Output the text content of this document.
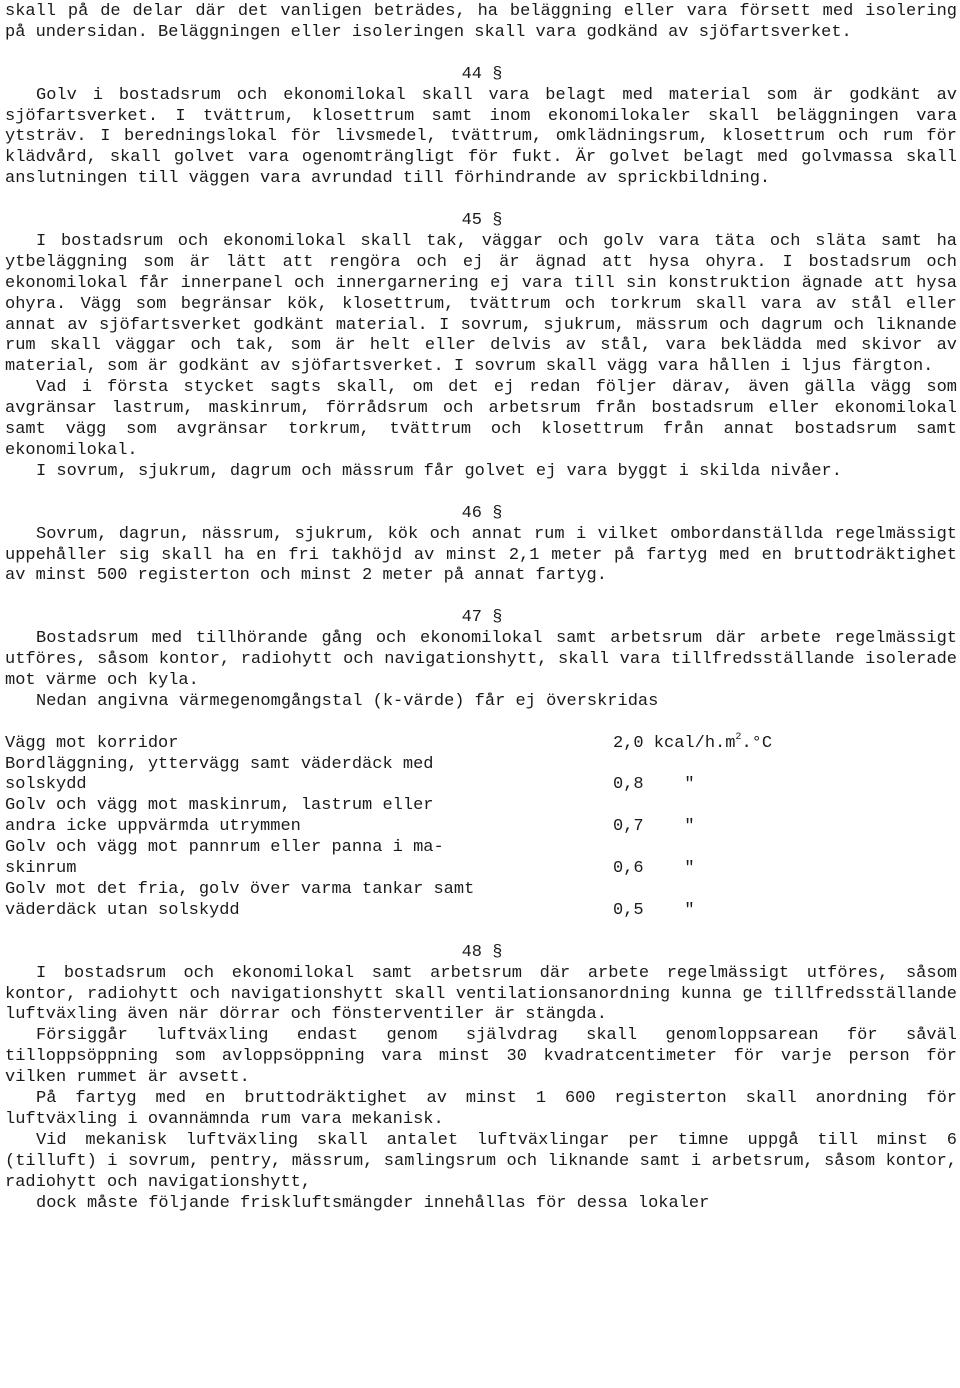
skall på de delar där det vanligen beträdes, ha beläggning eller vara försett med isolering på undersidan. Beläggningen eller isoleringen skall vara godkänd av sjöfartsverket.

44 §

Golv i bostadsrum och ekonomilokal skall vara belagt med material som är godkänt av sjöfartsverket. I tvättrum, klosettrum samt inom ekonomilokaler skall beläggningen vara ytsträv. I beredningslokal för livsmedel, tvättrum, omklädningsrum, klosettrum och rum för klädvård, skall golvet vara ogenomträngligt för fukt. Är golvet belagt med golvmassa skall anslutningen till väggen vara avrundad till förhindrande av sprickbildning.

45 §

I bostadsrum och ekonomilokal skall tak, väggar och golv vara täta och släta samt ha ytbeläggning som är lätt att rengöra och ej är ägnad att hysa ohyra. I bostadsrum och ekonomilokal får innerpanel och innergarnering ej vara till sin konstruktion ägnade att hysa ohyra. Vägg som begränsar kök, klosettrum, tvättrum och torkrum skall vara av stål eller annat av sjöfartsverket godkänt material. I sovrum, sjukrum, mässrum och dagrum och liknande rum skall väggar och tak, som är helt eller delvis av stål, vara beklädda med skivor av material, som är godkänt av sjöfartsverket. I sovrum skall vägg vara hållen i ljus färgton.

Vad i första stycket sagts skall, om det ej redan följer därav, även gälla vägg som avgränsar lastrum, maskinrum, förrådsrum och arbetsrum från bostadsrum eller ekonomilokal samt vägg som avgränsar torkrum, tvättrum och klosettrum från annat bostadsrum samt ekonomilokal.

I sovrum, sjukrum, dagrum och mässrum får golvet ej vara byggt i skilda nivåer.

46 §

Sovrum, dagrun, nässrum, sjukrum, kök och annat rum i vilket ombordanställda regelmässigt uppehåller sig skall ha en fri takhöjd av minst 2,1 meter på fartyg med en bruttodräktighet av minst 500 registerton och minst 2 meter på annat fartyg.

47 §

Bostadsrum med tillhörande gång och ekonomilokal samt arbetsrum där arbete regelmässigt utföres, såsom kontor, radiohytt och navigationshytt, skall vara tillfredsställande isolerade mot värme och kyla.

Nedan angivna värmegenomgångstal (k-värde) får ej överskridas

Vägg mot korridor	2,0 kcal/$h.m^2.^\circ C$

Bordläggning, yttervägg samt väderdäck med
solskydd	0,8    "

Golv och vägg mot maskinrum, lastrum eller
andra icke uppvärmda utrymmen	0,7    "

Golv och vägg mot pannrum eller panna i ma-
skinrum	0,6    "

Golv mot det fria, golv över varma tankar samt
väderdäck utan solskydd	0,5    "
48 §

I bostadsrum och ekonomilokal samt arbetsrum där arbete regelmässigt utföres, såsom kontor, radiohytt och navigationshytt skall ventilationsanordning kunna ge tillfredsställande luftväxling även när dörrar och fönsterventiler är stängda.

Försiggår luftväxling endast genom självdrag skall genomloppsarean för såväl tilloppsöppning som avloppsöppning vara minst 30 kvadratcentimeter för varje person för vilken rummet är avsett.

På fartyg med en bruttodräktighet av minst 1 600 registerton skall anordning för luftväxling i ovannämnda rum vara mekanisk.

Vid mekanisk luftväxling skall antalet luftväxlingar per timne uppgå till minst 6 (tilluft) i sovrum, pentry, mässrum, samlingsrum och liknande samt i arbetsrum, såsom kontor, radiohytt och navigationshytt,

dock måste följande friskluftsmängder innehållas för dessa lokaler
